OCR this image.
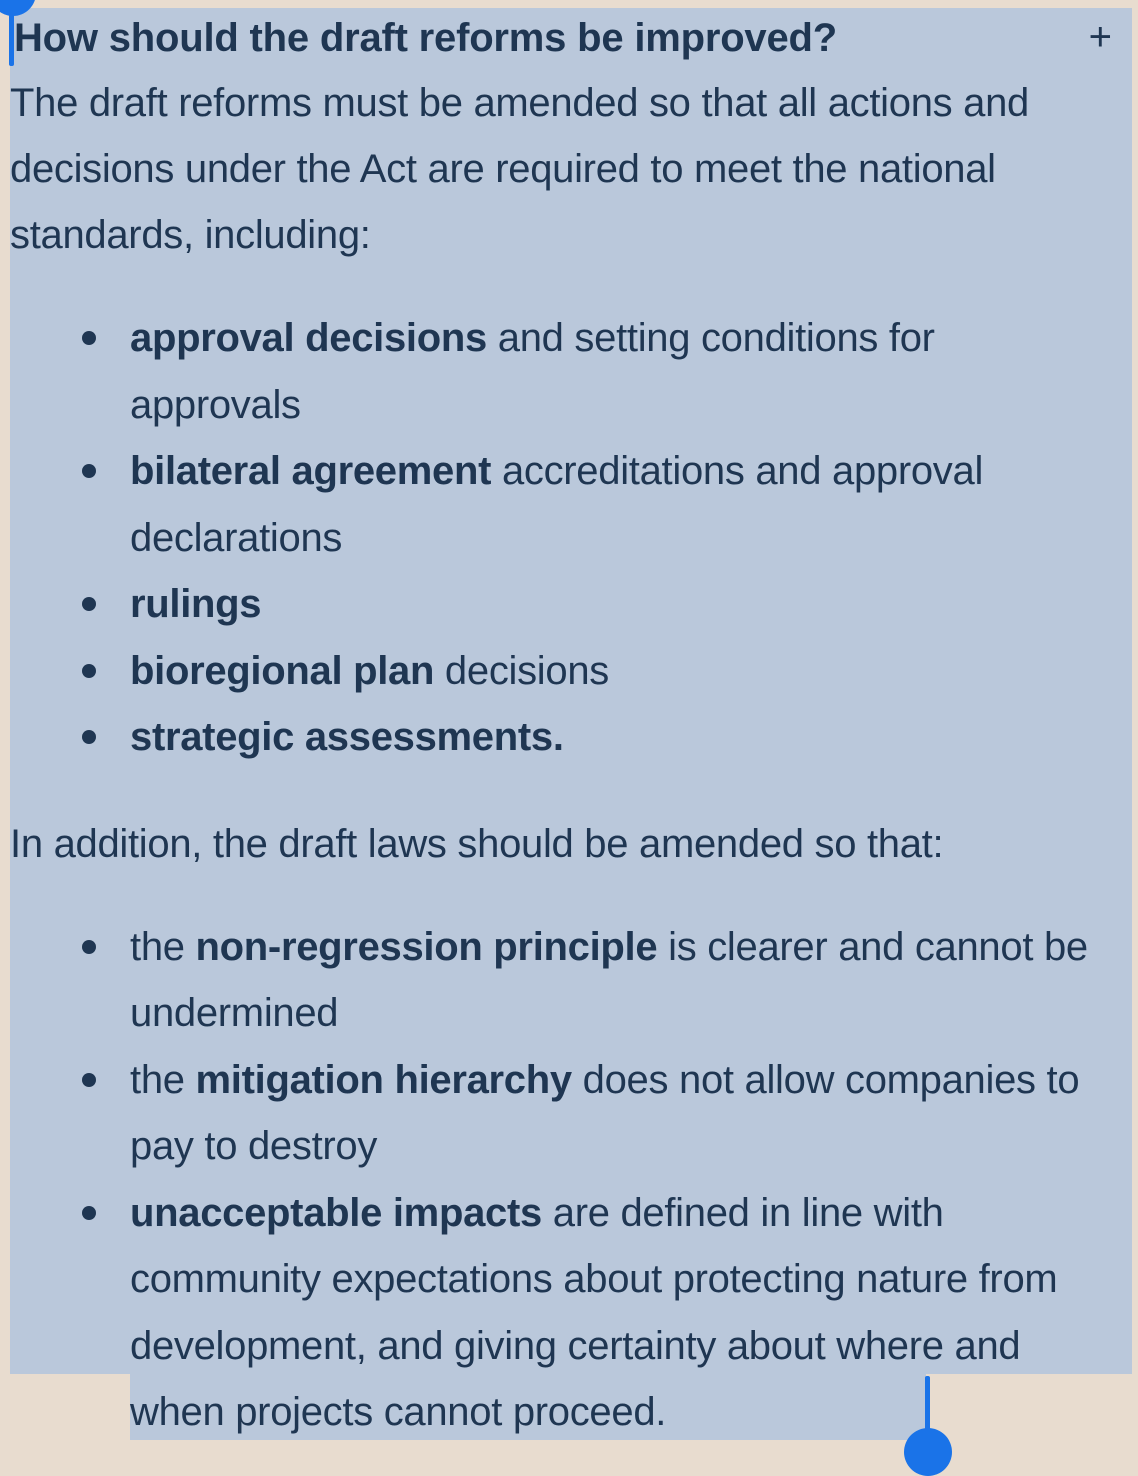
How should the draft reforms be improved?	+

The draft reforms must be amended so that all actions and decisions under the Act are required to meet the national standards, including:

approval decisions and setting conditions for approvals
bilateral agreement accreditations and approval declarations
rulings
bioregional plan decisions
strategic assessments.

In addition, the draft laws should be amended so that:

the non-regression principle is clearer and cannot be undermined
the mitigation hierarchy does not allow companies to pay to destroy
unacceptable impacts are defined in line with community expectations about protecting nature from development, and giving certainty about where and when projects cannot proceed.
